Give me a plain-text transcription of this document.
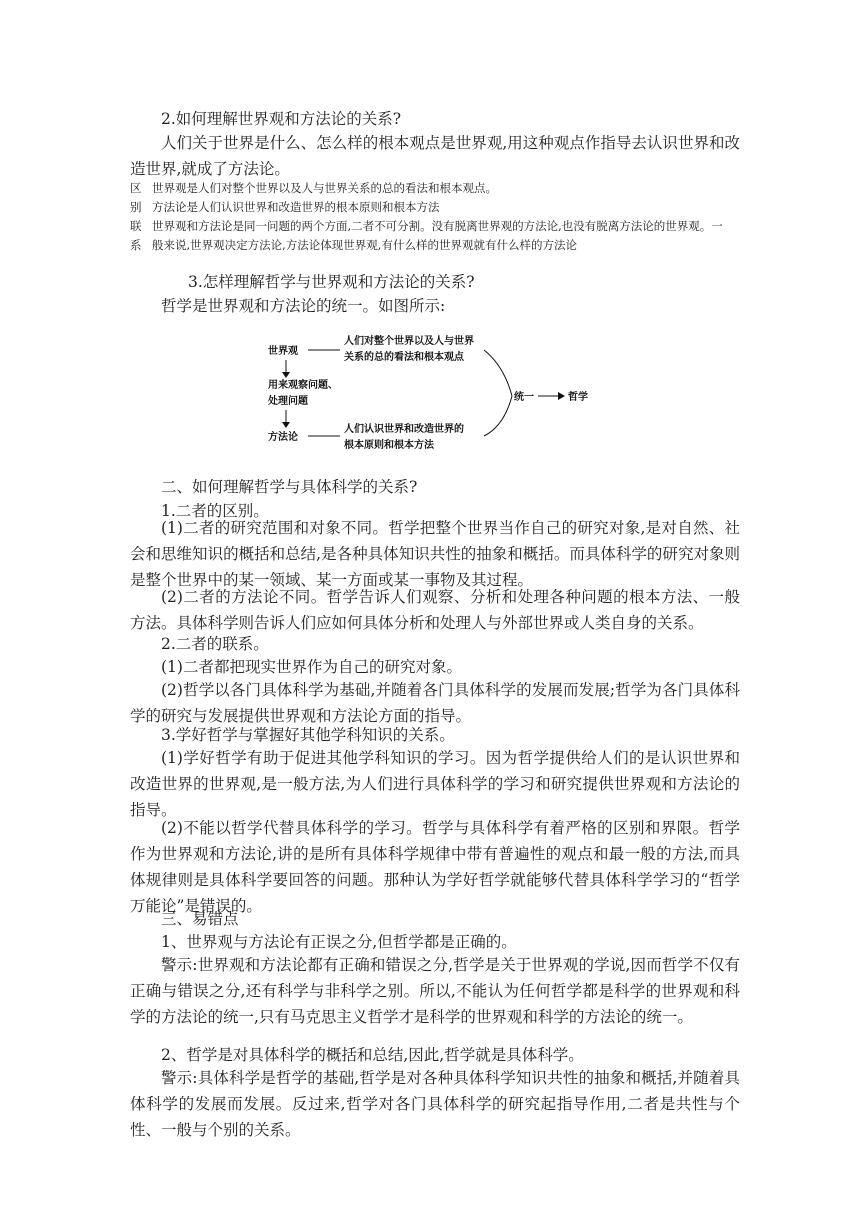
2.如何理解世界观和方法论的关系?

人们关于世界是什么、怎么样的根本观点是世界观,用这种观点作指导去认识世界和改造世界,就成了方法论。

区 世界观是人们对整个世界以及人与世界关系的总的看法和根本观点。
别 方法论是人们认识世界和改造世界的根本原则和根本方法
联 世界观和方法论是同一问题的两个方面,二者不可分割。没有脱离世界观的方法论,也没有脱离方法论的世界观。一
系 般来说,世界观决定方法论,方法论体现世界观,有什么样的世界观就有什么样的方法论

3.怎样理解哲学与世界观和方法论的关系?

哲学是世界观和方法论的统一。如图所示:

世界观
人们对整个世界以及人与世界
关系的总的看法和根本观点
用来观察问题、
处理问题
方法论
人们认识世界和改造世界的
根本原则和根本方法
统一	哲学

二、如何理解哲学与具体科学的关系?

1.二者的区别。

(1)二者的研究范围和对象不同。哲学把整个世界当作自己的研究对象,是对自然、社会和思维知识的概括和总结,是各种具体知识共性的抽象和概括。而具体科学的研究对象则是整个世界中的某一领域、某一方面或某一事物及其过程。

(2)二者的方法论不同。哲学告诉人们观察、分析和处理各种问题的根本方法、一般方法。具体科学则告诉人们应如何具体分析和处理人与外部世界或人类自身的关系。

2.二者的联系。

(1)二者都把现实世界作为自己的研究对象。

(2)哲学以各门具体科学为基础,并随着各门具体科学的发展而发展;哲学为各门具体科学的研究与发展提供世界观和方法论方面的指导。

3.学好哲学与掌握好其他学科知识的关系。

(1)学好哲学有助于促进其他学科知识的学习。因为哲学提供给人们的是认识世界和改造世界的世界观,是一般方法,为人们进行具体科学的学习和研究提供世界观和方法论的指导。

(2)不能以哲学代替具体科学的学习。哲学与具体科学有着严格的区别和界限。哲学作为世界观和方法论,讲的是所有具体科学规律中带有普遍性的观点和最一般的方法,而具体规律则是具体科学要回答的问题。那种认为学好哲学就能够代替具体科学学习的“哲学万能论”是错误的。

三、易错点

1、世界观与方法论有正误之分,但哲学都是正确的。

警示:世界观和方法论都有正确和错误之分,哲学是关于世界观的学说,因而哲学不仅有正确与错误之分,还有科学与非科学之别。所以,不能认为任何哲学都是科学的世界观和科学的方法论的统一,只有马克思主义哲学才是科学的世界观和科学的方法论的统一。

2、哲学是对具体科学的概括和总结,因此,哲学就是具体科学。

警示:具体科学是哲学的基础,哲学是对各种具体科学知识共性的抽象和概括,并随着具体科学的发展而发展。反过来,哲学对各门具体科学的研究起指导作用,二者是共性与个性、一般与个别的关系。
